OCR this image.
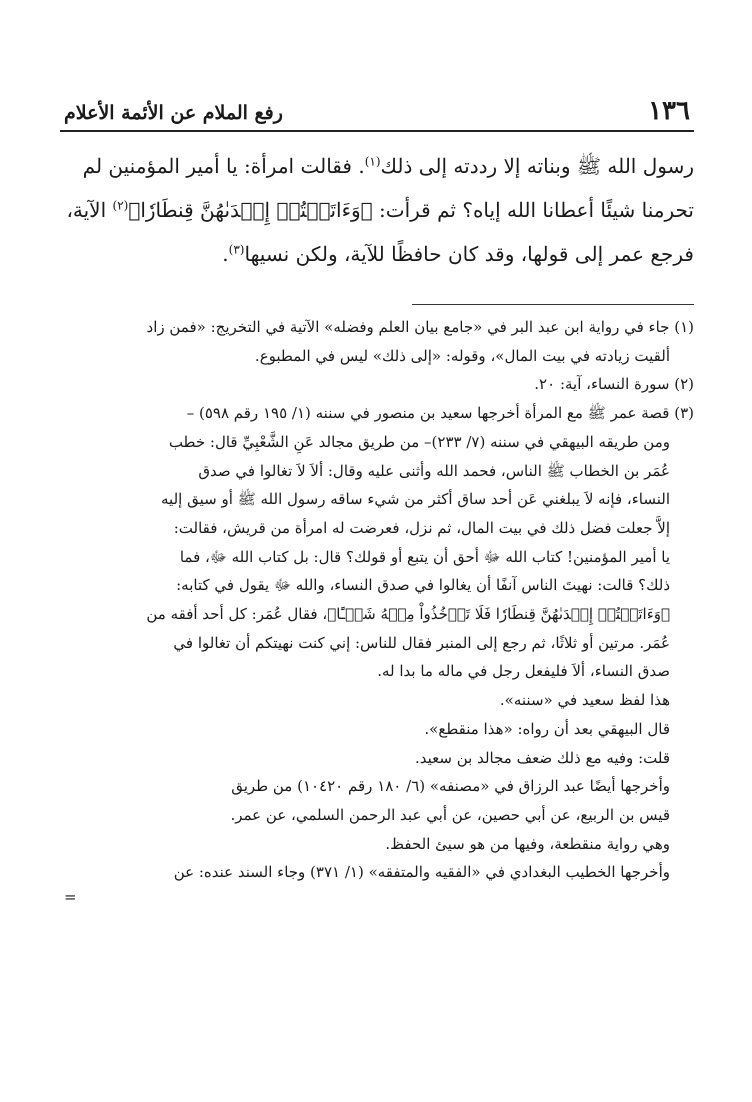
١٣٦
رفع الملام عن الأئمة الأعلام
رسول الله ﷺ وبناته إلا رددته إلى ذلك$^{(١)}$. فقالت امرأة: يا أمير المؤمنين لم
تحرمنا شيئًا أعطانا الله إياه؟ ثم قرأت: ﴿وَءَاتَيۡتُمۡ إِحۡدَىٰهُنَّ قِنطَارٗا﴾$^{(٢)}$ الآية،
فرجع عمر إلى قولها، وقد كان حافظًا للآية، ولكن نسيها$^{(٣)}$.
(١) جاء في رواية ابن عبد البر في «جامع بيان العلم وفضله» الآتية في التخريج: «فمن زاد
ألقيت زيادته في بيت المال»، وقوله: «إلى ذلك» ليس في المطبوع.
(٢) سورة النساء، آية: ٢٠.
(٣) قصة عمر ﷺ مع المرأة أخرجها سعيد بن منصور في سننه (١/ ١٩٥ رقم ٥٩٨) –
ومن طريقه البيهقي في سننه (٧/ ٢٣٣)– من طريق مجالد عَنِ الشَّعْبِيِّ قال: خطب
عُمَر بن الخطاب ﷺ الناس، فحمد الله وأثنى عليه وقال: ألاَ لاَ تغالوا في صدق
النساء، فإنه لاَ يبلغني عَن أحد ساق أكثر من شيء ساقه رسول الله ﷺ أو سيق إليه
إلاَّ جعلت فضل ذلك في بيت المال، ثم نزل، فعرضت له امرأة من قريش، فقالت:
يا أمير المؤمنين! كتاب الله ﷻ أحق أن يتبع أو قولك؟ قال: بل كتاب الله ﷻ، فما
ذلك؟ قالت: نهيتَ الناس آنفًا أن يغالوا في صدق النساء، والله ﷻ يقول في كتابه:
﴿وَءَاتَيۡتُمۡ إِحۡدَىٰهُنَّ قِنطَارٗا فَلَا تَأۡخُذُواْ مِنۡهُ شَيۡـًٔا﴾، فقال عُمَر: كل أحد أفقه من
عُمَر. مرتين أو ثلاثًا، ثم رجع إلى المنبر فقال للناس: إني كنت نهيتكم أن تغالوا في
صدق النساء، ألاَ فليفعل رجل في ماله ما بدا له.
هذا لفظ سعيد في «سننه».
قال البيهقي بعد أن رواه: «هذا منقطع».
قلت: وفيه مع ذلك ضعف مجالد بن سعيد.
وأخرجها أيضًا عبد الرزاق في «مصنفه» (٦/ ١٨٠ رقم ١٠٤٢٠) من طريق
قيس بن الربيع، عن أبي حصين، عن أبي عبد الرحمن السلمي، عن عمر.
وهي رواية منقطعة، وفيها من هو سيئ الحفظ.
وأخرجها الخطيب البغدادي في «الفقيه والمتفقه» (١/ ٣٧١) وجاء السند عنده: عن
=
